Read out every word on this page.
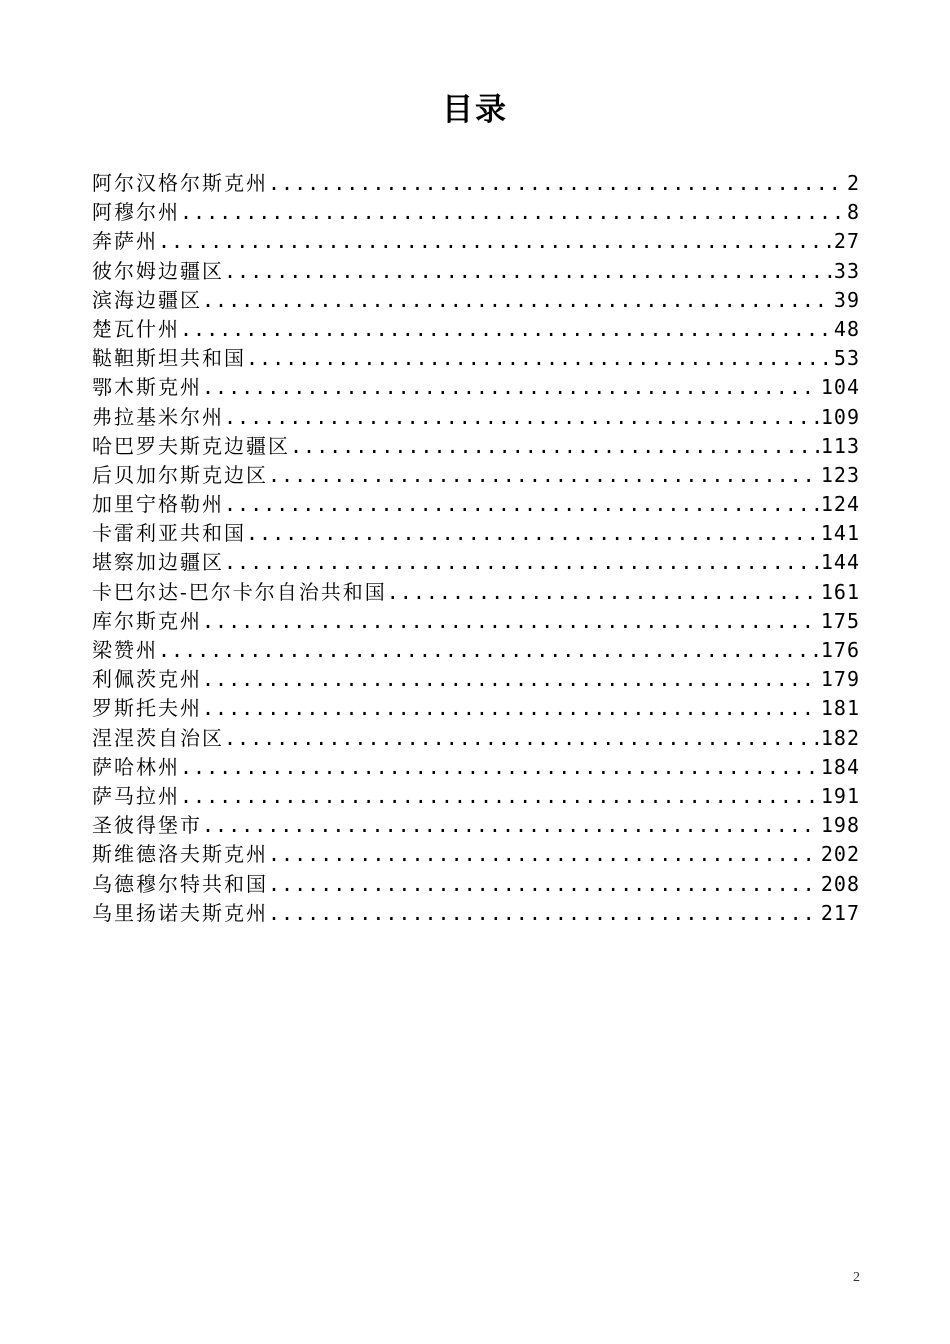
目录
阿尔汉格尔斯克州 .....	2
阿穆尔州 .....	8
奔萨州 .....	27
彼尔姆边疆区 .....	33
滨海边疆区 .....	39
楚瓦什州 .....	48
鞑靼斯坦共和国 .....	53
鄂木斯克州 .....	104
弗拉基米尔州 .....	109
哈巴罗夫斯克边疆区 .....	113
后贝加尔斯克边区 .....	123
加里宁格勒州 .....	124
卡雷利亚共和国 .....	141
堪察加边疆区 .....	144
卡巴尔达-巴尔卡尔自治共和国 .....	161
库尔斯克州 .....	175
梁赞州 .....	176
利佩茨克州 .....	179
罗斯托夫州 .....	181
涅涅茨自治区 .....	182
萨哈林州 .....	184
萨马拉州 .....	191
圣彼得堡市 .....	198
斯维德洛夫斯克州 .....	202
乌德穆尔特共和国 .....	208
乌里扬诺夫斯克州 .....	217
2
